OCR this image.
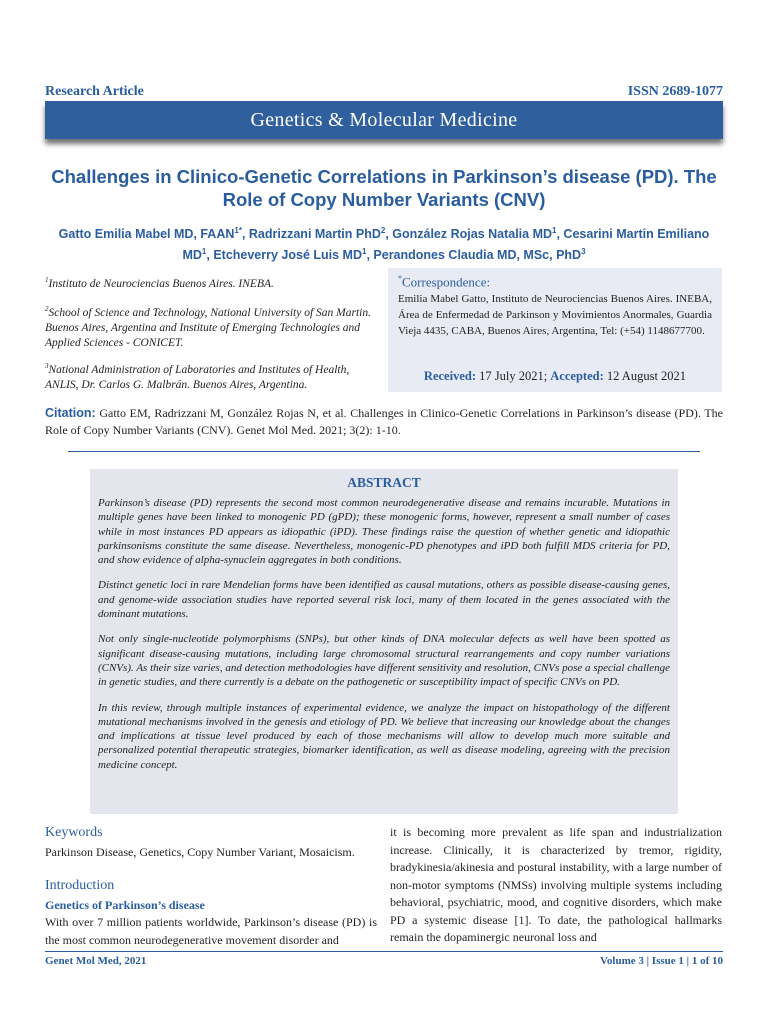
Research Article	ISSN 2689-1077
Genetics & Molecular Medicine
Challenges in Clinico-Genetic Correlations in Parkinson’s disease (PD). The Role of Copy Number Variants (CNV)
Gatto Emilia Mabel MD, $FAAN^{1*}$, Radrizzani Martin PhD$^2$, González Rojas Natalia $MD^1$, Cesarini Martin Emiliano $MD^1$, Etcheverry José Luis $MD^1$, Perandones Claudia MD, MSc, PhD$^3$
$^1$Instituto de Neurociencias Buenos Aires. INEBA.
$^2$School of Science and Technology, National University of San Martin. Buenos Aires, Argentina and Institute of Emerging Technologies and Applied Sciences - CONICET.
$^3$National Administration of Laboratories and Institutes of Health, ANLIS, Dr. Carlos G. Malbrán. Buenos Aires, Argentina.
*Correspondence:
Emilia Mabel Gatto, Instituto de Neurociencias Buenos Aires. INEBA, Área de Enfermedad de Parkinson y Movimientos Anormales, Guardia Vieja 4435, CABA, Buenos Aires, Argentina, Tel: (+54) 1148677700.
Received: 17 July 2021; Accepted: 12 August 2021
Citation: Gatto EM, Radrizzani M, González Rojas N, et al. Challenges in Clinico-Genetic Correlations in Parkinson’s disease (PD). The Role of Copy Number Variants (CNV). Genet Mol Med. 2021; 3(2): 1-10.
ABSTRACT

Parkinson’s disease (PD) represents the second most common neurodegenerative disease and remains incurable. Mutations in multiple genes have been linked to monogenic PD (gPD); these monogenic forms, however, represent a small number of cases while in most instances PD appears as idiopathic (iPD). These findings raise the question of whether genetic and idiopathic parkinsonisms constitute the same disease. Nevertheless, monogenic-PD phenotypes and iPD both fulfill MDS criteria for PD, and show evidence of alpha-synuclein aggregates in both conditions.

Distinct genetic loci in rare Mendelian forms have been identified as causal mutations, others as possible disease-causing genes, and genome-wide association studies have reported several risk loci, many of them located in the genes associated with the dominant mutations.

Not only single-nucleotide polymorphisms (SNPs), but other kinds of DNA molecular defects as well have been spotted as significant disease-causing mutations, including large chromosomal structural rearrangements and copy number variations (CNVs). As their size varies, and detection methodologies have different sensitivity and resolution, CNVs pose a special challenge in genetic studies, and there currently is a debate on the pathogenetic or susceptibility impact of specific CNVs on PD.

In this review, through multiple instances of experimental evidence, we analyze the impact on histopathology of the different mutational mechanisms involved in the genesis and etiology of PD. We believe that increasing our knowledge about the changes and implications at tissue level produced by each of those mechanisms will allow to develop much more suitable and personalized potential therapeutic strategies, biomarker identification, as well as disease modeling, agreeing with the precision medicine concept.

Keywords
Parkinson Disease, Genetics, Copy Number Variant, Mosaicism.
Introduction
Genetics of Parkinson’s disease
With over 7 million patients worldwide, Parkinson’s disease (PD) is the most common neurodegenerative movement disorder and
it is becoming more prevalent as life span and industrialization increase. Clinically, it is characterized by tremor, rigidity, bradykinesia/akinesia and postural instability, with a large number of non-motor symptoms (NMSs) involving multiple systems including behavioral, psychiatric, mood, and cognitive disorders, which make PD a systemic disease [1]. To date, the pathological hallmarks remain the dopaminergic neuronal loss and
Genet Mol Med, 2021	Volume 3 | Issue 1 | 1 of 10
